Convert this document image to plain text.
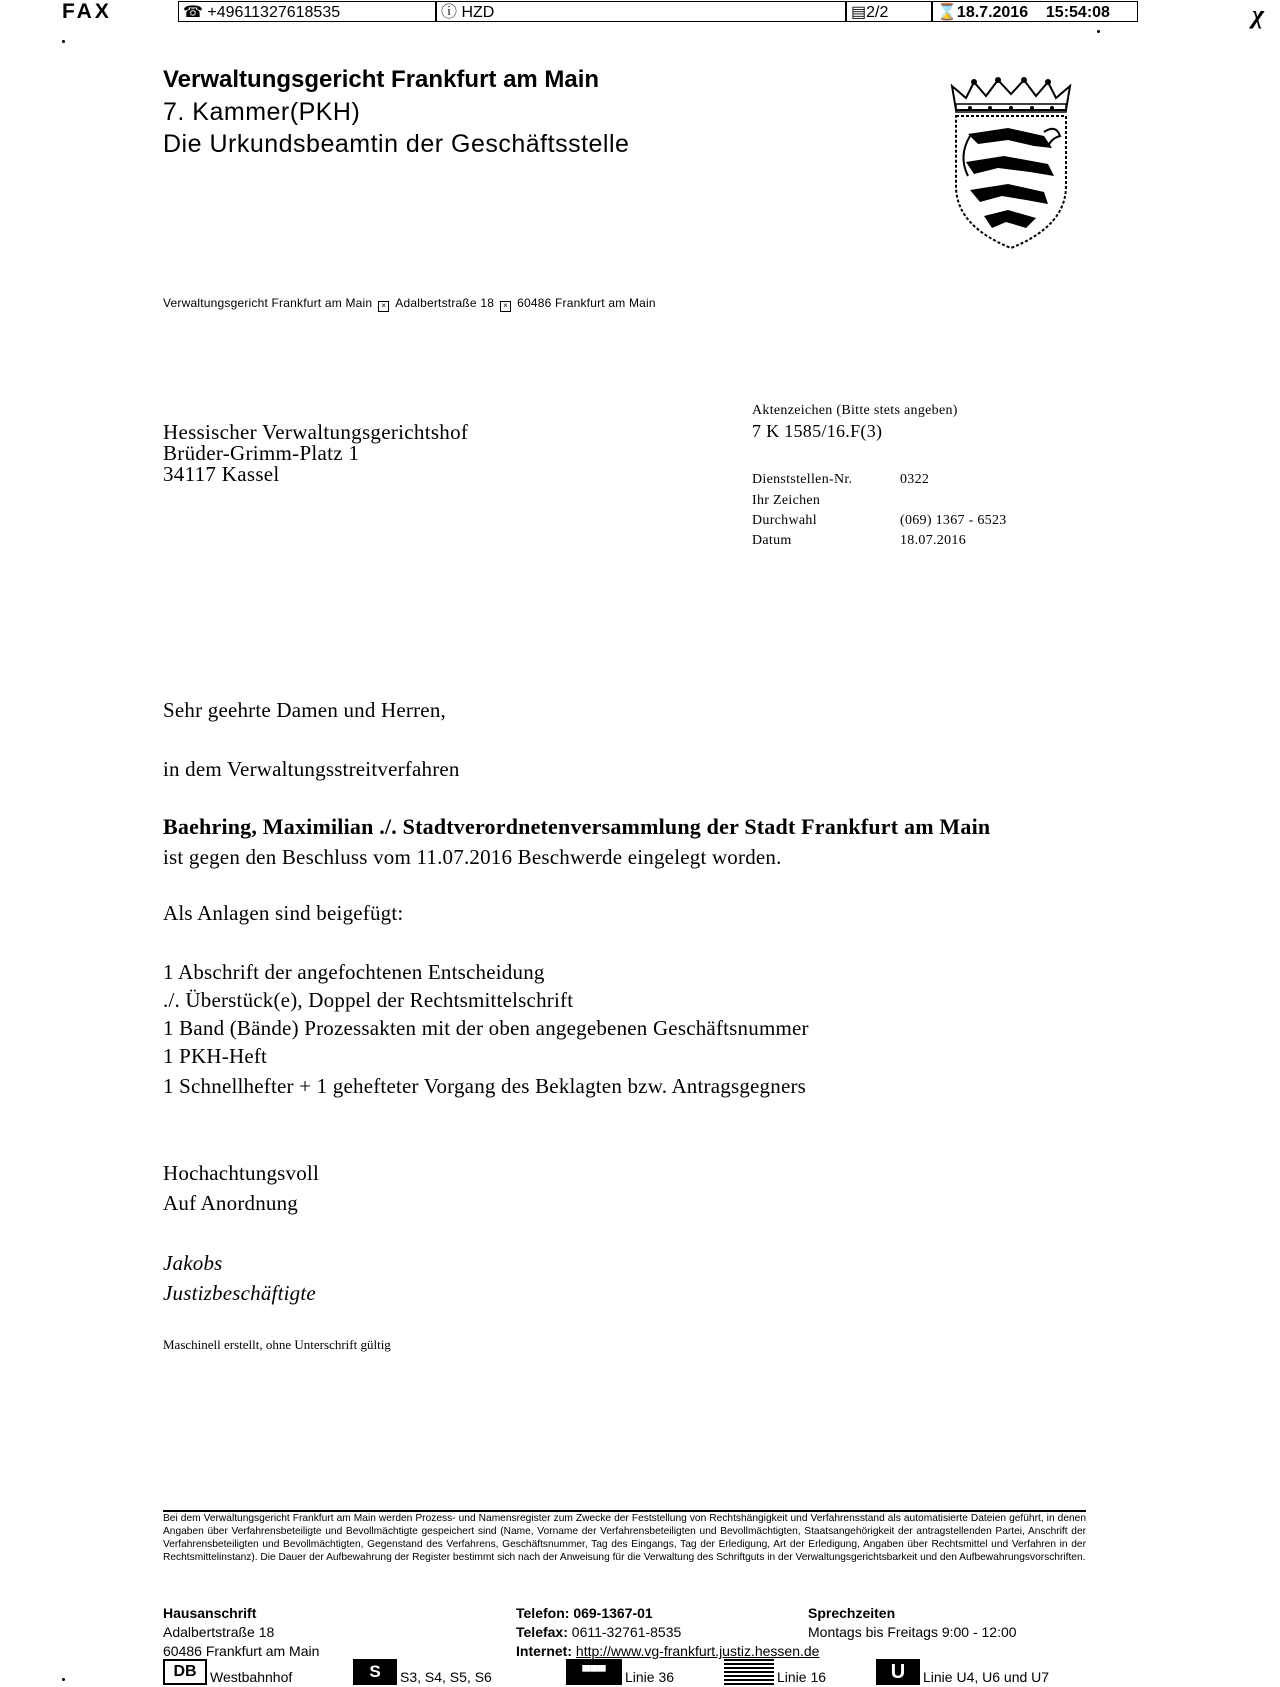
FAX	☎ +49611327618535	ⓘ HZD	▤2/2	⌛18.7.2016 15:54:08	χ
Verwaltungsgericht Frankfurt am Main
7. Kammer(PKH)
Die Urkundsbeamtin der Geschäftsstelle
Verwaltungsgericht Frankfurt am Main × Adalbertstraße 18 × 60486 Frankfurt am Main
Hessischer Verwaltungsgerichtshof
Brüder-Grimm-Platz 1
34117 Kassel
Aktenzeichen (Bitte stets angeben)
7 K 1585/16.F(3)
Dienststellen-Nr.	0322
Ihr Zeichen
Durchwahl	(069) 1367 - 6523
Datum	18.07.2016
Sehr geehrte Damen und Herren,
in dem Verwaltungsstreitverfahren
Baehring, Maximilian ./. Stadtverordnetenversammlung der Stadt Frankfurt am Main
ist gegen den Beschluss vom 11.07.2016 Beschwerde eingelegt worden.
Als Anlagen sind beigefügt:
1 Abschrift der angefochtenen Entscheidung
./. Überstück(e), Doppel der Rechtsmittelschrift
1 Band (Bände) Prozessakten mit der oben angegebenen Geschäftsnummer
1 PKH-Heft
1 Schnellhefter + 1 gehefteter Vorgang des Beklagten bzw. Antragsgegners
Hochachtungsvoll
Auf Anordnung
Jakobs
Justizbeschäftigte
Maschinell erstellt, ohne Unterschrift gültig
Bei dem Verwaltungsgericht Frankfurt am Main werden Prozess- und Namensregister zum Zwecke der Feststellung von Rechtshängigkeit und Verfahrensstand als automatisierte Dateien geführt, in denen Angaben über Verfahrensbeteiligte und Bevollmächtigte gespeichert sind (Name, Vorname der Verfahrensbeteiligten und Bevollmächtigten, Staatsangehörigkeit der antragstellenden Partei, Anschrift der Verfahrensbeteiligten und Bevollmächtigten, Gegenstand des Verfahrens, Geschäftsnummer, Tag des Eingangs, Tag der Erledigung, Art der Erledigung, Angaben über Rechtsmittel und Verfahren in der Rechtsmittelinstanz). Die Dauer der Aufbewahrung der Register bestimmt sich nach der Anweisung für die Verwaltung des Schriftguts in der Verwaltungsgerichtsbarkeit und den Aufbewahrungsvorschriften.
Hausanschrift
Adalbertstraße 18
60486 Frankfurt am Main
Telefon: 069-1367-01
Telefax: 0611-32761-8535
Internet: http://www.vg-frankfurt.justiz.hessen.de
Sprechzeiten
Montags bis Freitags 9:00 - 12:00
DB Westbahnhof	S S3, S4, S5, S6	▀▀▀ Linie 36	Linie 16	U Linie U4, U6 und U7
